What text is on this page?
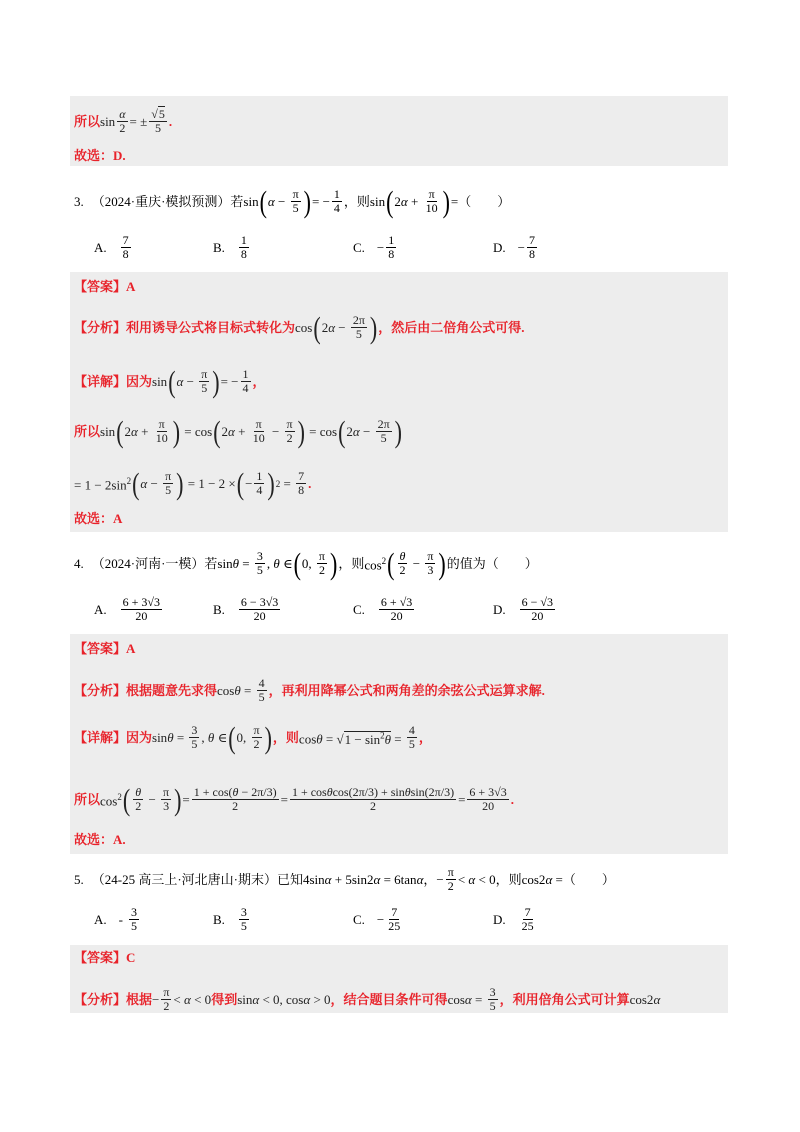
所以 $\sin \frac{\alpha}{2}$ = ± $\frac{√5}{5}$ .
故选：D.
3. （2024·重庆·模拟预测）若 sin ( $\alpha - \frac{\pi}{5}$ ) = − $\frac{1}{4}$ ，则 sin ( 2 $\alpha + \frac{\pi}{10}$ ) = （　　）
A. $\frac{7}{8}$	B. $\frac{1}{8}$	C. − $\frac{1}{8}$	D. − $\frac{7}{8}$
【答案】A
【分析】利用诱导公式将目标式转化为 cos ( $2\alpha - \frac{2\pi}{5}$ ) ，然后由二倍角公式可得.
【详解】因为 sin ( $\alpha - \frac{\pi}{5}$ ) = − $\frac{1}{4}$ ，
所以 sin ( $2\alpha + \frac{\pi}{10}$ ) = cos ( $2\alpha + \frac{\pi}{10} - \frac{\pi}{2}$ ) = cos ( $2\alpha - \frac{2\pi}{5}$ )
= $1 - 2\sin^2$ ( $\alpha - \frac{\pi}{5}$ ) = 1 − 2 × ( − $\frac{1}{4}$ ) $2 = \frac{7}{8}$ .
故选：A
4. （2024·河南·一模）若 $\sin\theta = \frac{3}{5}$ , θ ∈ ( 0, $\frac{\pi}{2}$ ) ，则 $\cos^2$ ( $\frac{\theta}{2} - \frac{\pi}{3}$ ) 的值为（　　）
A. $\frac{6 + 3√3}{20}$	B. $\frac{6 - 3√3}{20}$	C. $\frac{6 + √3}{20}$	D. $\frac{6 - √3}{20}$
【答案】A
【分析】根据题意先求得 $\cos\theta = \frac{4}{5}$ ，再利用降幂公式和两角差的余弦公式运算求解.
【详解】因为 $\sin\theta = \frac{3}{5}$ , θ ∈ ( 0, $\frac{\pi}{2}$ ) ，则 $\cos\theta = √1 - \sin^2\theta = \frac{4}{5}$ ，
所以 $\cos^2$ ( $\frac{\theta}{2} - \frac{\pi}{3}$ ) = $\frac{1 + \cos(\theta - 2\pi/3)}{2} = \frac{1 + \cos\theta\cos(2\pi/3) + \sin\theta\sin(2\pi/3)}{2} = \frac{6 + 3√3}{20}$ .
故选：A.
5. （24-25 高三上·河北唐山·期末）已知 4sinα + 5sin2α = 6tanα ， − $\frac{\pi}{2} < \alpha < 0$ ，则 cos2α = （　　）
A. - $\frac{3}{5}$	B. $\frac{3}{5}$	C. − $\frac{7}{25}$	D. $\frac{7}{25}$
【答案】C
【分析】根据 − $\frac{\pi}{2} < \alpha < 0$ 得到 sinα < 0, cosα > 0 ，结合题目条件可得 $\cos\alpha = \frac{3}{5}$ ，利用倍角公式可计算 cos2α
